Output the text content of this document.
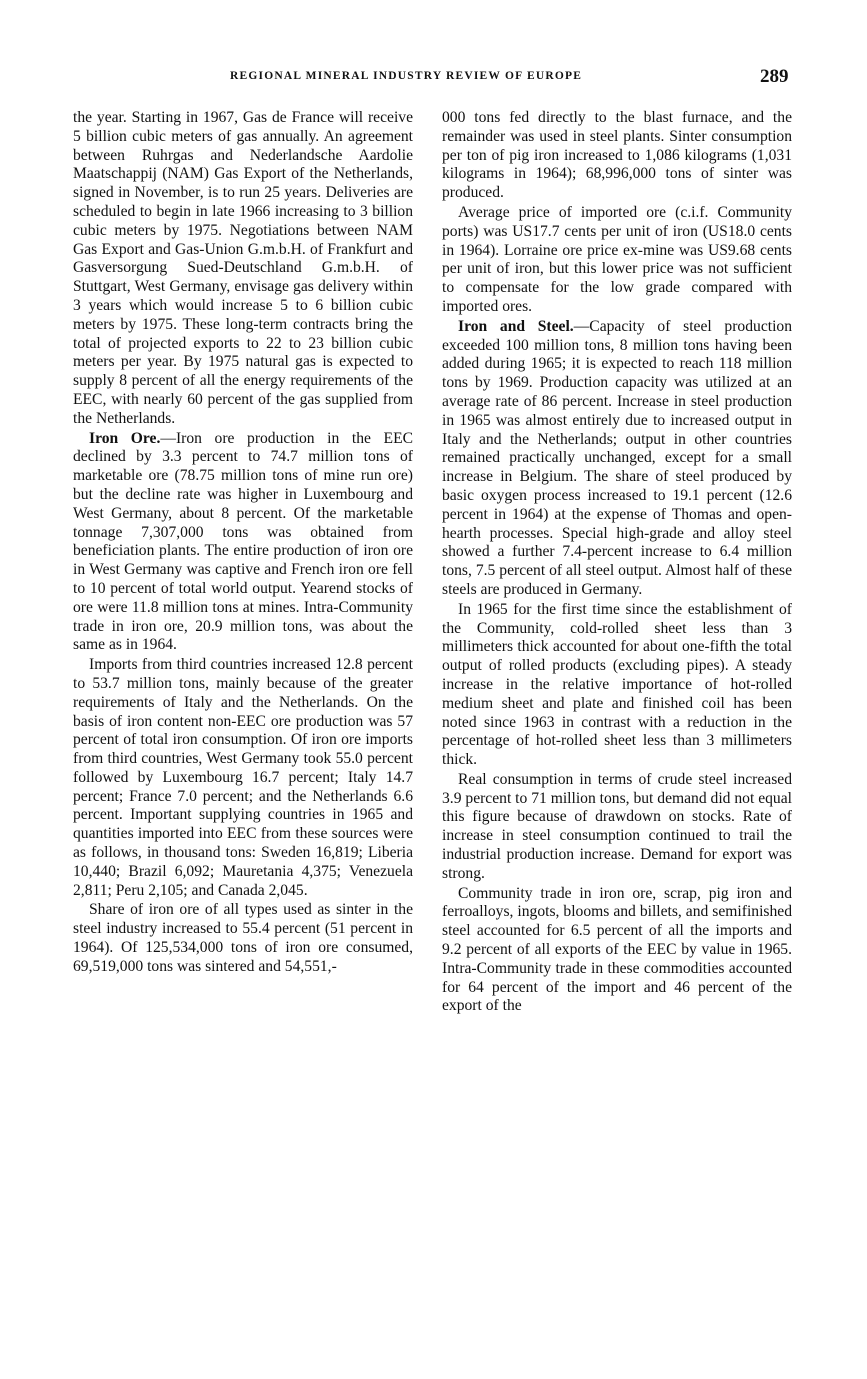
REGIONAL MINERAL INDUSTRY REVIEW OF EUROPE	289

the year. Starting in 1967, Gas de France will receive 5 billion cubic meters of gas annually. An agreement between Ruhrgas and Nederlandsche Aardolie Maatschappij (NAM) Gas Export of the Netherlands, signed in November, is to run 25 years. Deliveries are scheduled to begin in late 1966 increasing to 3 billion cubic meters by 1975. Negotiations between NAM Gas Export and Gas-Union G.m.b.H. of Frankfurt and Gasversorgung Sued-Deutschland G.m.b.H. of Stuttgart, West Germany, envisage gas delivery within 3 years which would increase 5 to 6 billion cubic meters by 1975. These long-term contracts bring the total of projected exports to 22 to 23 billion cubic meters per year. By 1975 natural gas is expected to supply 8 percent of all the energy requirements of the EEC, with nearly 60 percent of the gas supplied from the Netherlands.

Iron Ore.—Iron ore production in the EEC declined by 3.3 percent to 74.7 million tons of marketable ore (78.75 million tons of mine run ore) but the decline rate was higher in Luxembourg and West Germany, about 8 percent. Of the marketable tonnage 7,307,000 tons was obtained from beneficiation plants. The entire production of iron ore in West Germany was captive and French iron ore fell to 10 percent of total world output. Yearend stocks of ore were 11.8 million tons at mines. Intra-Community trade in iron ore, 20.9 million tons, was about the same as in 1964.

Imports from third countries increased 12.8 percent to 53.7 million tons, mainly because of the greater requirements of Italy and the Netherlands. On the basis of iron content non-EEC ore production was 57 percent of total iron consumption. Of iron ore imports from third countries, West Germany took 55.0 percent followed by Luxembourg 16.7 percent; Italy 14.7 percent; France 7.0 percent; and the Netherlands 6.6 percent. Important supplying countries in 1965 and quantities imported into EEC from these sources were as follows, in thousand tons: Sweden 16,819; Liberia 10,440; Brazil 6,092; Mauretania 4,375; Venezuela 2,811; Peru 2,105; and Canada 2,045.

Share of iron ore of all types used as sinter in the steel industry increased to 55.4 percent (51 percent in 1964). Of 125,534,000 tons of iron ore consumed, 69,519,000 tons was sintered and 54,551,-

000 tons fed directly to the blast furnace, and the remainder was used in steel plants. Sinter consumption per ton of pig iron increased to 1,086 kilograms (1,031 kilograms in 1964); 68,996,000 tons of sinter was produced.

Average price of imported ore (c.i.f. Community ports) was US17.7 cents per unit of iron (US18.0 cents in 1964). Lorraine ore price ex-mine was US9.68 cents per unit of iron, but this lower price was not sufficient to compensate for the low grade compared with imported ores.

Iron and Steel.—Capacity of steel production exceeded 100 million tons, 8 million tons having been added during 1965; it is expected to reach 118 million tons by 1969. Production capacity was utilized at an average rate of 86 percent. Increase in steel production in 1965 was almost entirely due to increased output in Italy and the Netherlands; output in other countries remained practically unchanged, except for a small increase in Belgium. The share of steel produced by basic oxygen process increased to 19.1 percent (12.6 percent in 1964) at the expense of Thomas and open-hearth processes. Special high-grade and alloy steel showed a further 7.4-percent increase to 6.4 million tons, 7.5 percent of all steel output. Almost half of these steels are produced in Germany.

In 1965 for the first time since the establishment of the Community, cold-rolled sheet less than 3 millimeters thick accounted for about one-fifth the total output of rolled products (excluding pipes). A steady increase in the relative importance of hot-rolled medium sheet and plate and finished coil has been noted since 1963 in contrast with a reduction in the percentage of hot-rolled sheet less than 3 millimeters thick.

Real consumption in terms of crude steel increased 3.9 percent to 71 million tons, but demand did not equal this figure because of drawdown on stocks. Rate of increase in steel consumption continued to trail the industrial production increase. Demand for export was strong.

Community trade in iron ore, scrap, pig iron and ferroalloys, ingots, blooms and billets, and semifinished steel accounted for 6.5 percent of all the imports and 9.2 percent of all exports of the EEC by value in 1965. Intra-Community trade in these commodities accounted for 64 percent of the import and 46 percent of the export of the
